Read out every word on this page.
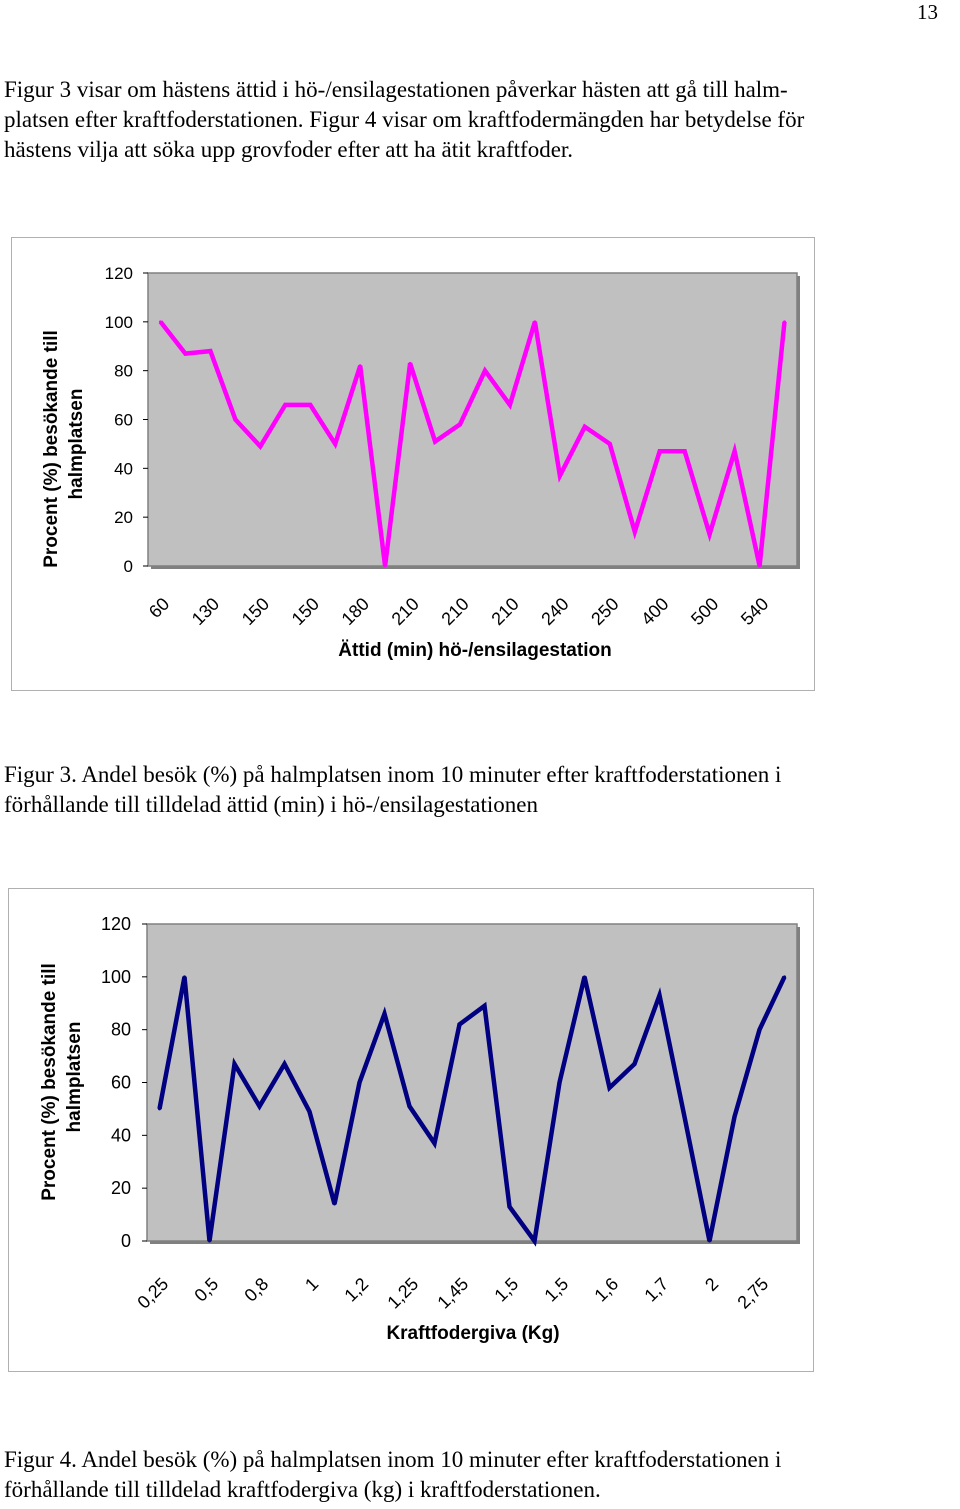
13
Figur 3 visar om hästens ättid i hö-/ensilagestationen påverkar hästen att gå till halm-
platsen efter kraftfoderstationen. Figur 4 visar om kraftfodermängden har betydelse för
hästens vilja att söka upp grovfoder efter att ha ätit kraftfoder.
0
20
40
60
80
100
120
60 130 150 150 180 210 210 210 240 250 400 500 540
Ättid (min) hö-/ensilagestation
Procent (%) besökande till halmplatsen
Figur 3. Andel besök (%) på halmplatsen inom 10 minuter efter kraftfoderstationen i
förhållande till tilldelad ättid (min) i hö-/ensilagestationen
0
20
40
60
80
100
120
0,25 0,5 0,8 1 1,2 1,25 1,45 1,5 1,5 1,6 1,7 2 2,75
Kraftfodergiva (Kg)
Procent (%) besökande till halmplatsen
Figur 4. Andel besök (%) på halmplatsen inom 10 minuter efter kraftfoderstationen i
förhållande till tilldelad kraftfodergiva (kg) i kraftfoderstationen.
